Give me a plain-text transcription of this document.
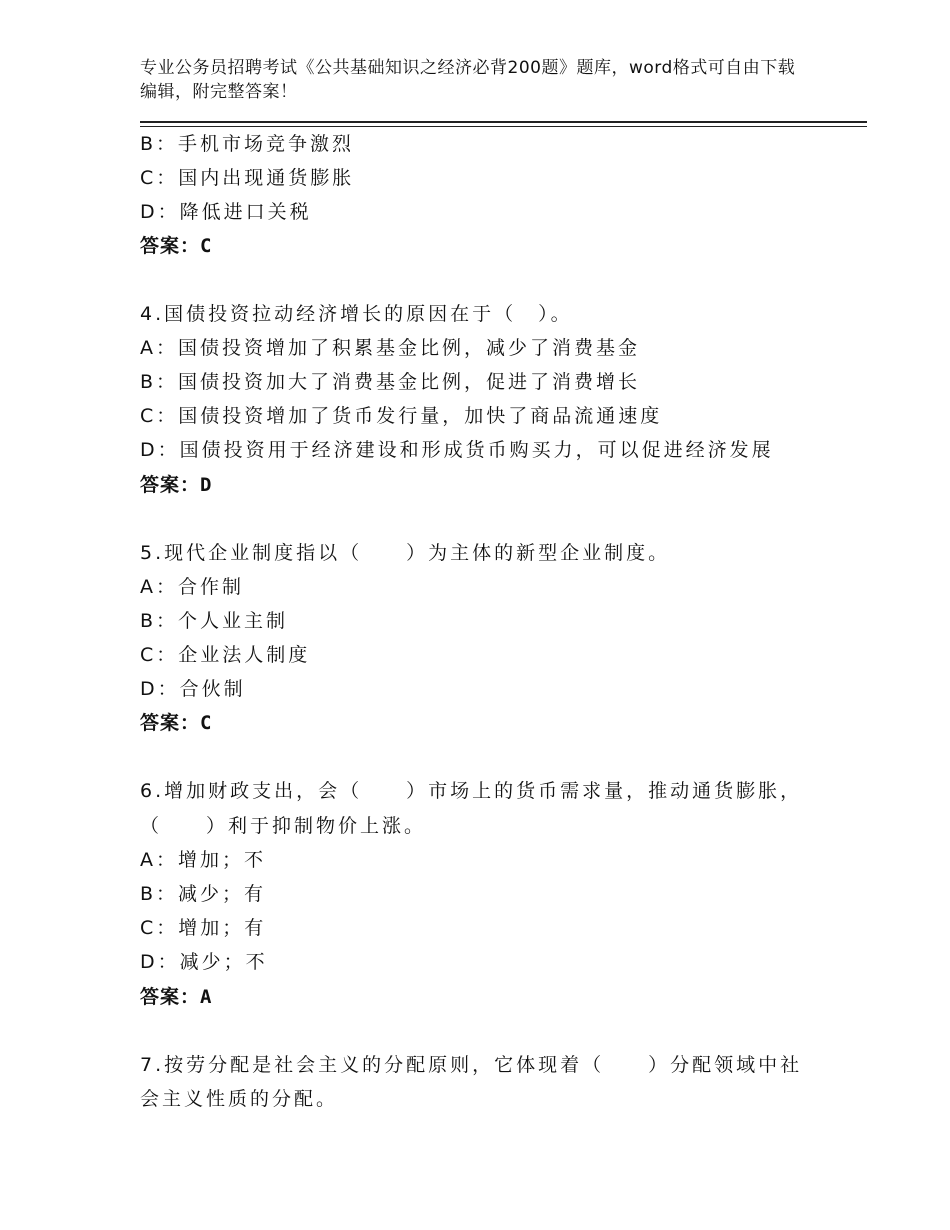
专业公务员招聘考试《公共基础知识之经济必背200题》题库，word格式可自由下载编辑，附完整答案！
B：手机市场竞争激烈
C：国内出现通货膨胀
D：降低进口关税
答案：C
4.国债投资拉动经济增长的原因在于（　）。
A：国债投资增加了积累基金比例，减少了消费基金
B：国债投资加大了消费基金比例，促进了消费增长
C：国债投资增加了货币发行量，加快了商品流通速度
D：国债投资用于经济建设和形成货币购买力，可以促进经济发展
答案：D
5.现代企业制度指以（　　）为主体的新型企业制度。
A：合作制
B：个人业主制
C：企业法人制度
D：合伙制
答案：C
6.增加财政支出，会（　　）市场上的货币需求量，推动通货膨胀，
（　　）利于抑制物价上涨。
A：增加；不
B：减少；有
C：增加；有
D：减少；不
答案：A
7.按劳分配是社会主义的分配原则，它体现着（　　）分配领域中社
会主义性质的分配。
